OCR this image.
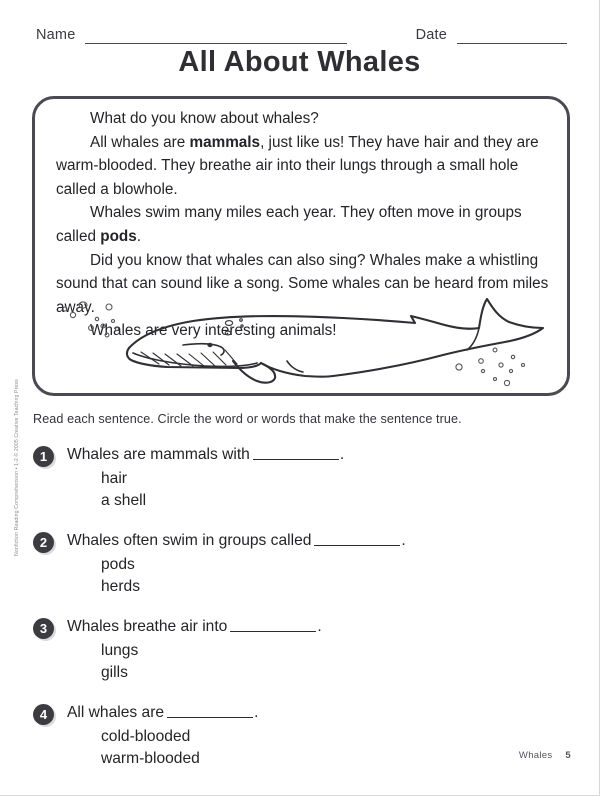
Name	Date
All About Whales

What do you know about whales?

All whales are mammals, just like us! They have hair and they are warm-blooded. They breathe air into their lungs through a small hole called a blowhole.

Whales swim many miles each year. They often move in groups called pods.

Did you know that whales can also sing? Whales make a whistling sound that can sound like a song. Some whales can be heard from miles away.

Whales are very interesting animals!

Read each sentence. Circle the word or words that make the sentence true.
1	Whales are mammals with	.
hair
a shell
2	Whales often swim in groups called	.
pods
herds
3	Whales breathe air into	.
lungs
gills
4	All whales are	.
cold-blooded
warm-blooded
Nonfiction Reading Comprehension • 1-2 © 2005 Creative Teaching Press
Whales 5
